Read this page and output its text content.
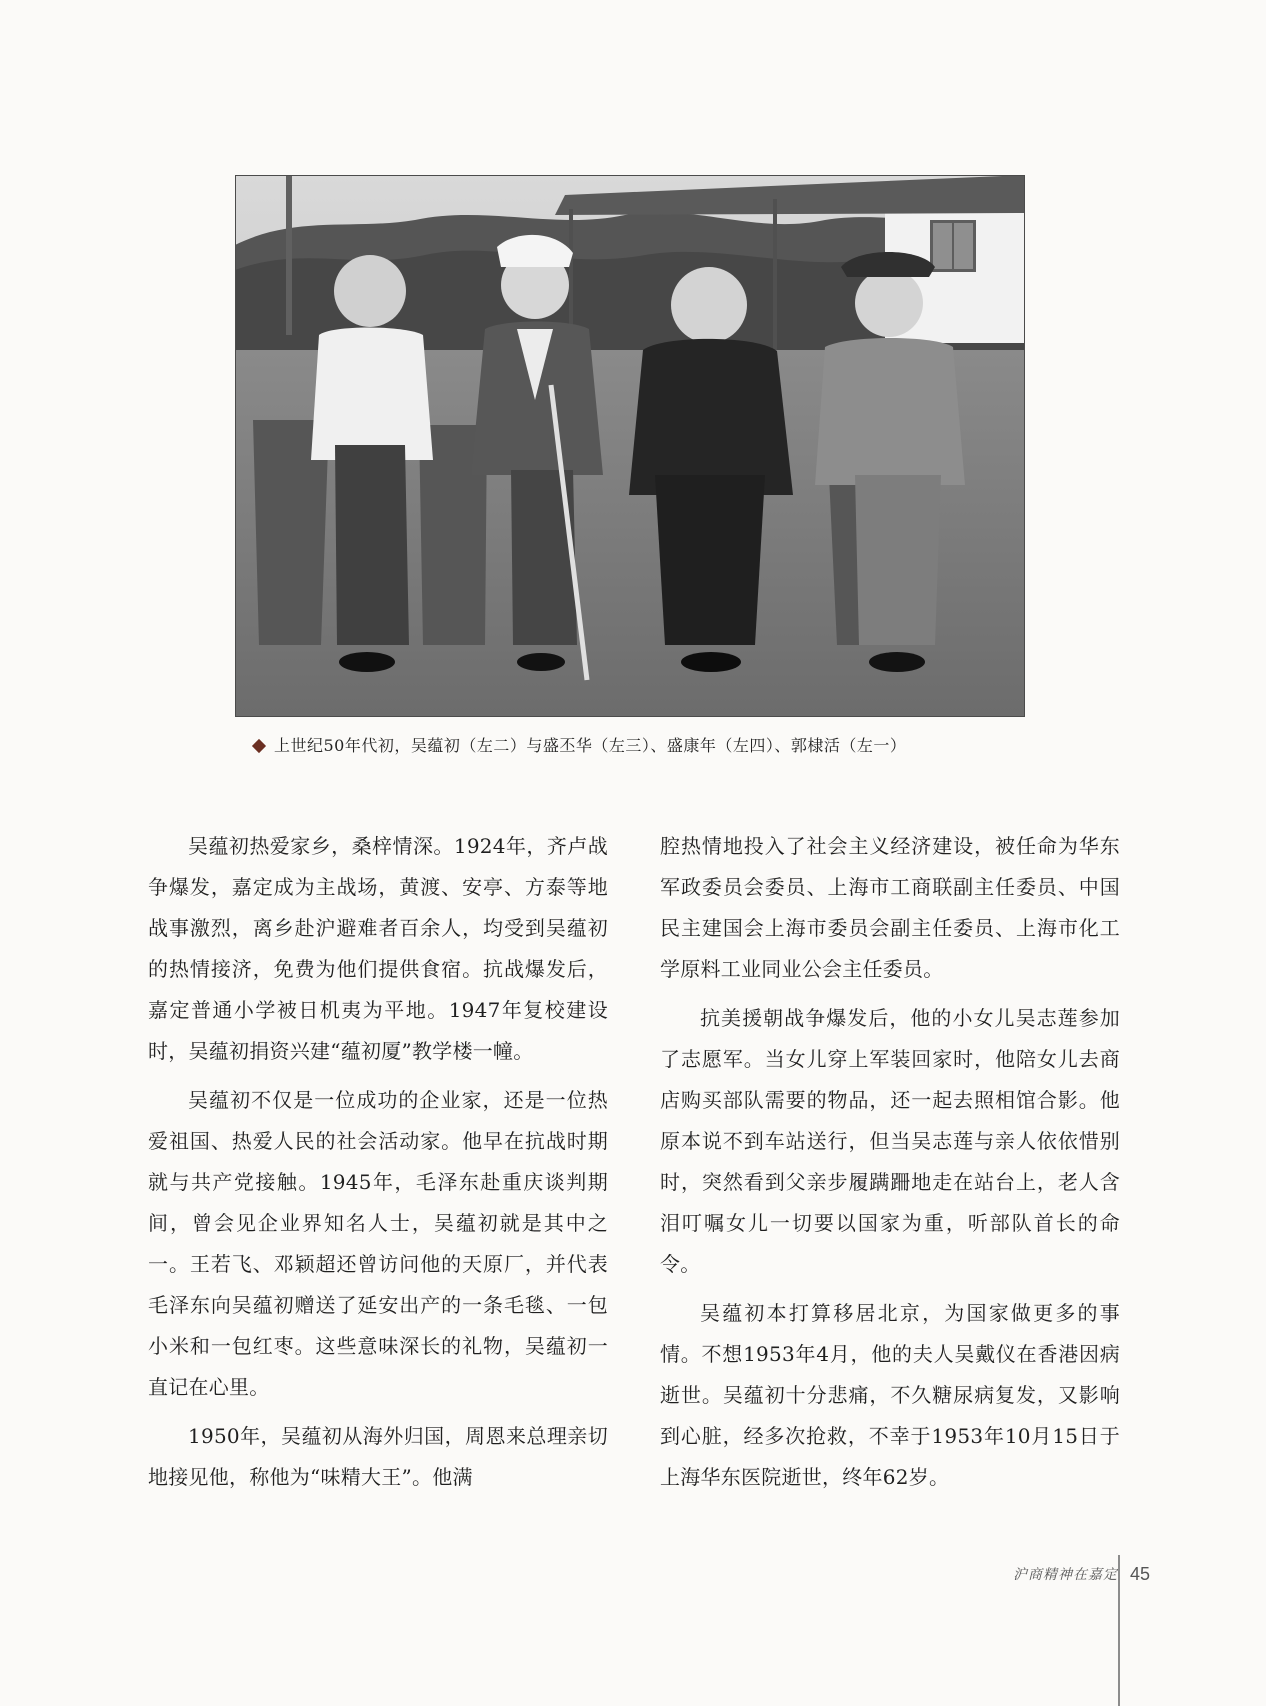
上世纪50年代初，吴蕴初（左二）与盛丕华（左三）、盛康年（左四）、郭棣活（左一）

吴蕴初热爱家乡，桑梓情深。1924年，齐卢战争爆发，嘉定成为主战场，黄渡、安亭、方泰等地战事激烈，离乡赴沪避难者百余人，均受到吴蕴初的热情接济，免费为他们提供食宿。抗战爆发后，嘉定普通小学被日机夷为平地。1947年复校建设时，吴蕴初捐资兴建“蕴初厦”教学楼一幢。

吴蕴初不仅是一位成功的企业家，还是一位热爱祖国、热爱人民的社会活动家。他早在抗战时期就与共产党接触。1945年，毛泽东赴重庆谈判期间，曾会见企业界知名人士，吴蕴初就是其中之一。王若飞、邓颖超还曾访问他的天原厂，并代表毛泽东向吴蕴初赠送了延安出产的一条毛毯、一包小米和一包红枣。这些意味深长的礼物，吴蕴初一直记在心里。

1950年，吴蕴初从海外归国，周恩来总理亲切地接见他，称他为“味精大王”。他满

腔热情地投入了社会主义经济建设，被任命为华东军政委员会委员、上海市工商联副主任委员、中国民主建国会上海市委员会副主任委员、上海市化工学原料工业同业公会主任委员。

抗美援朝战争爆发后，他的小女儿吴志莲参加了志愿军。当女儿穿上军装回家时，他陪女儿去商店购买部队需要的物品，还一起去照相馆合影。他原本说不到车站送行，但当吴志莲与亲人依依惜别时，突然看到父亲步履蹒跚地走在站台上，老人含泪叮嘱女儿一切要以国家为重，听部队首长的命令。

吴蕴初本打算移居北京，为国家做更多的事情。不想1953年4月，他的夫人吴戴仪在香港因病逝世。吴蕴初十分悲痛，不久糖尿病复发，又影响到心脏，经多次抢救，不幸于1953年10月15日于上海华东医院逝世，终年62岁。

沪商精神在嘉定 45
